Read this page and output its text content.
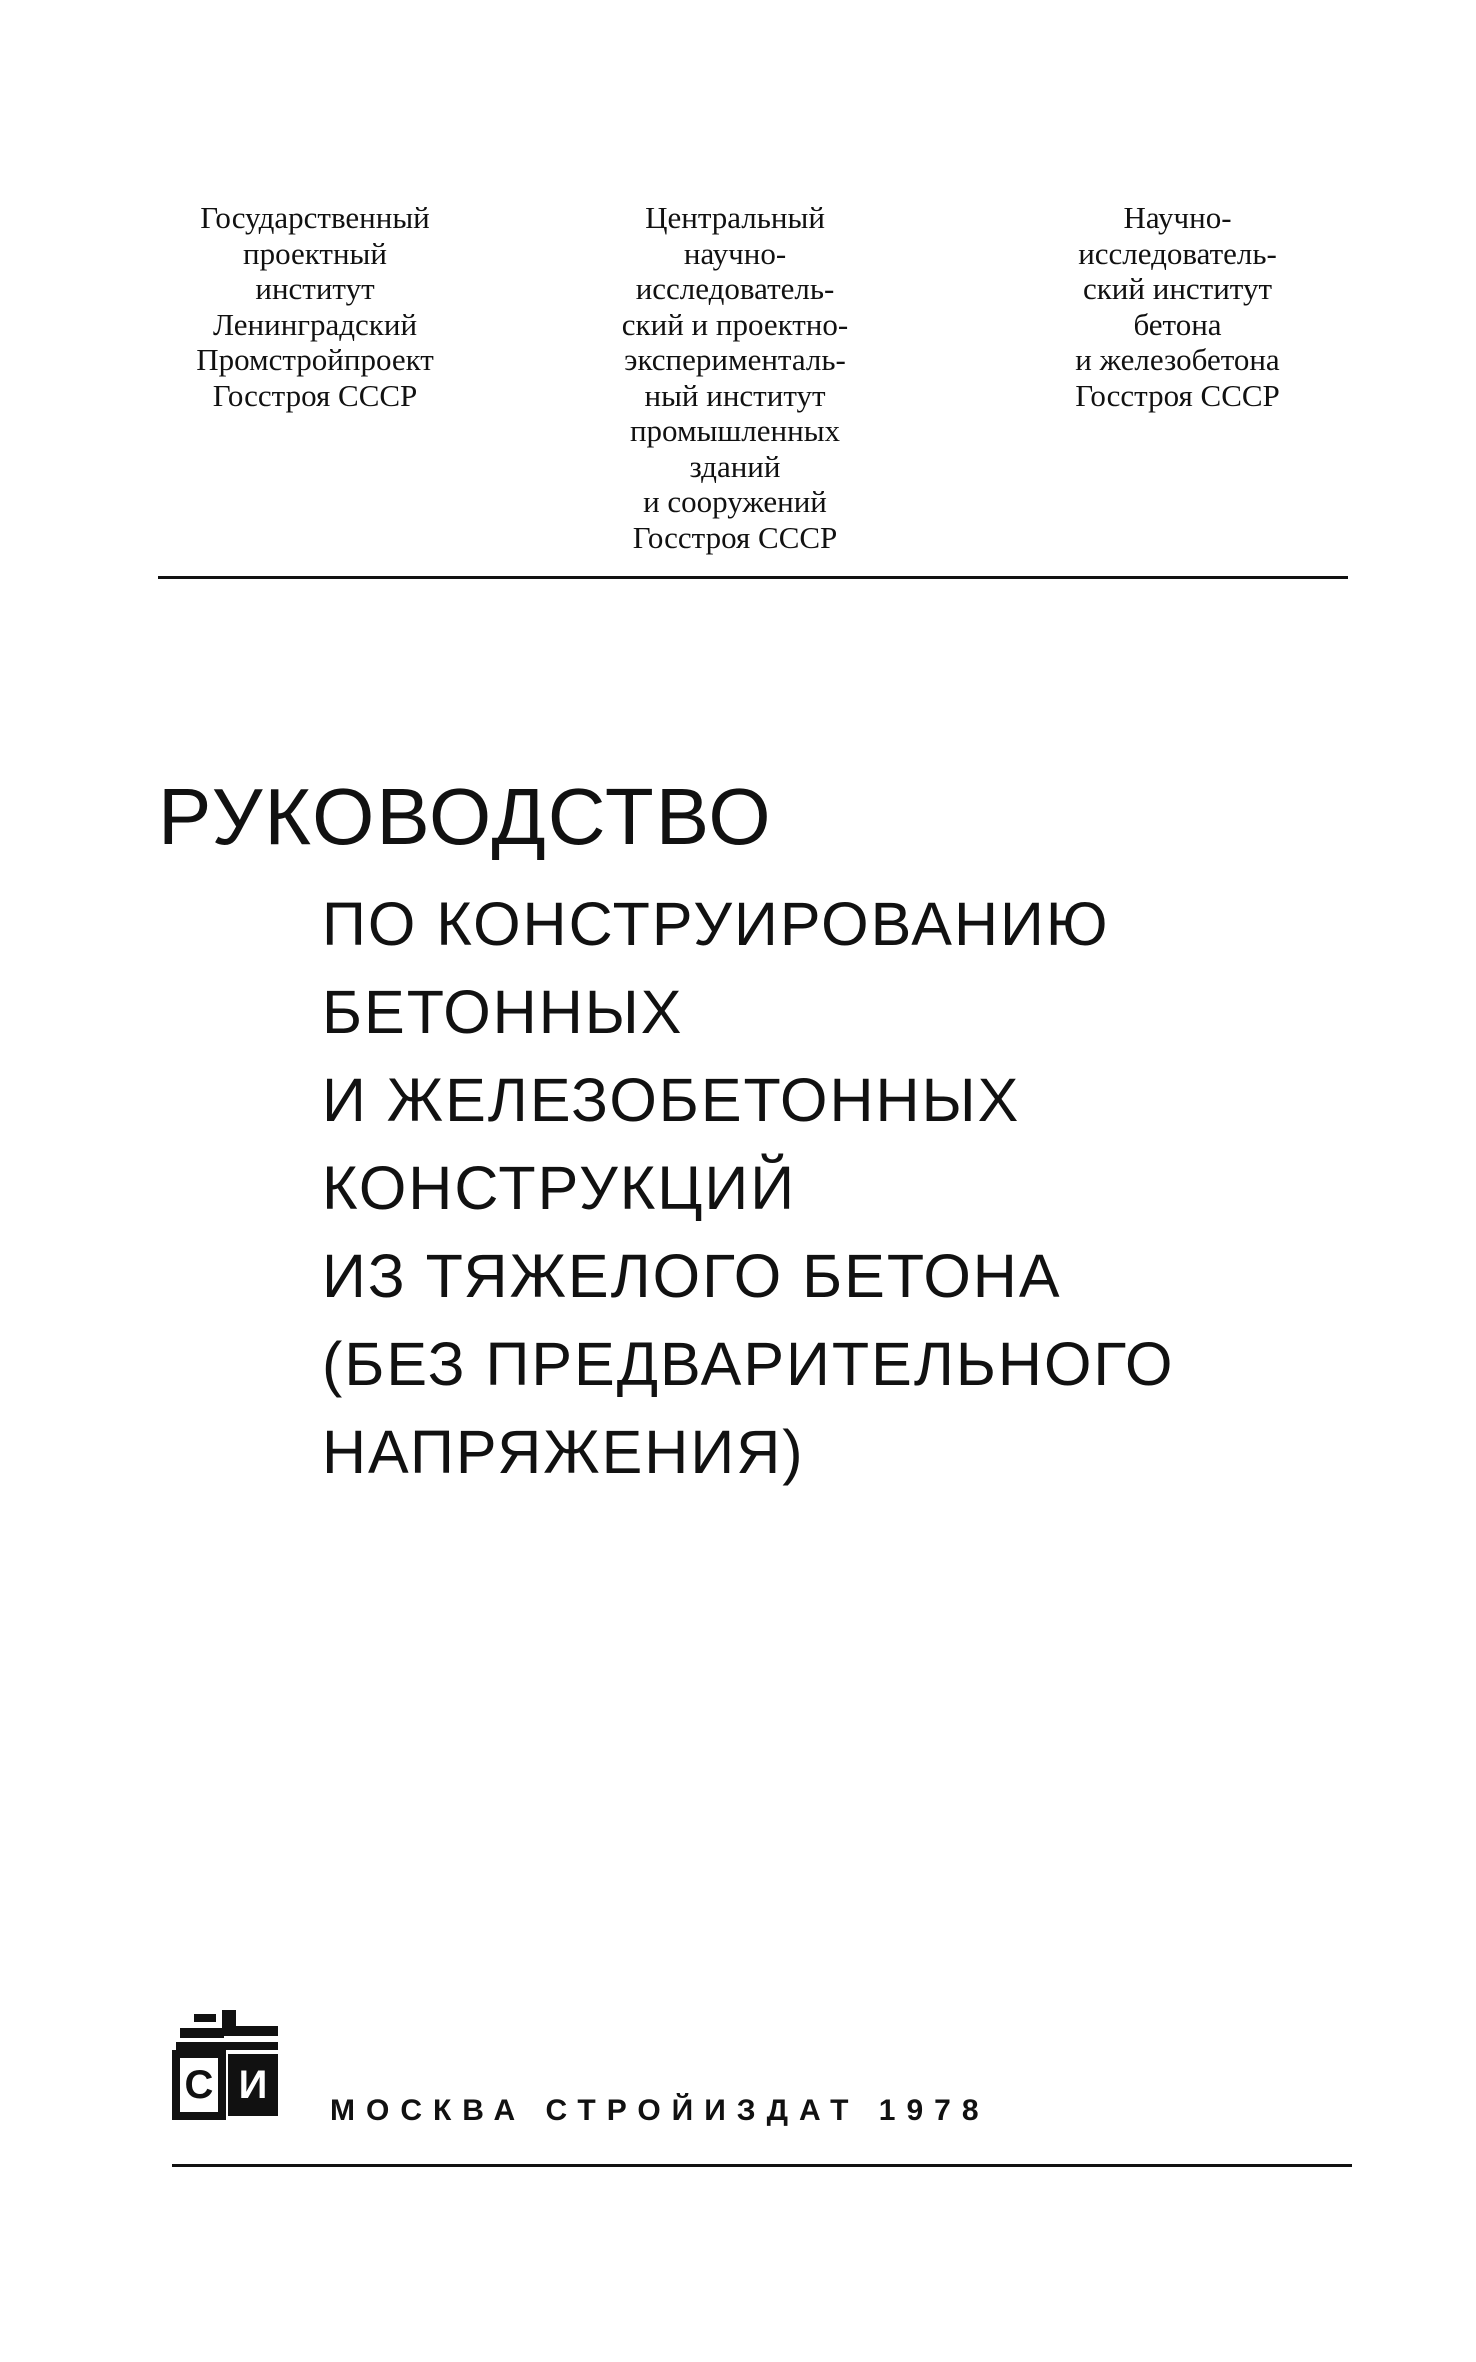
Государственный
проектный
институт
Ленинградский
Промстройпроект
Госстроя СССР
Центральный
научно-
исследователь-
ский и проектно-
эксперименталь-
ный институт
промышленных
зданий
и сооружений
Госстроя СССР
Научно-
исследователь-
ский институт
бетона
и железобетона
Госстроя СССР
РУКОВОДСТВО
ПО КОНСТРУИРОВАНИЮ
БЕТОННЫХ
И ЖЕЛЕЗОБЕТОННЫХ
КОНСТРУКЦИЙ
ИЗ ТЯЖЕЛОГО БЕТОНА
(БЕЗ ПРЕДВАРИТЕЛЬНОГО
НАПРЯЖЕНИЯ)
С И
МОСКВА СТРОЙИЗДАТ 1978
